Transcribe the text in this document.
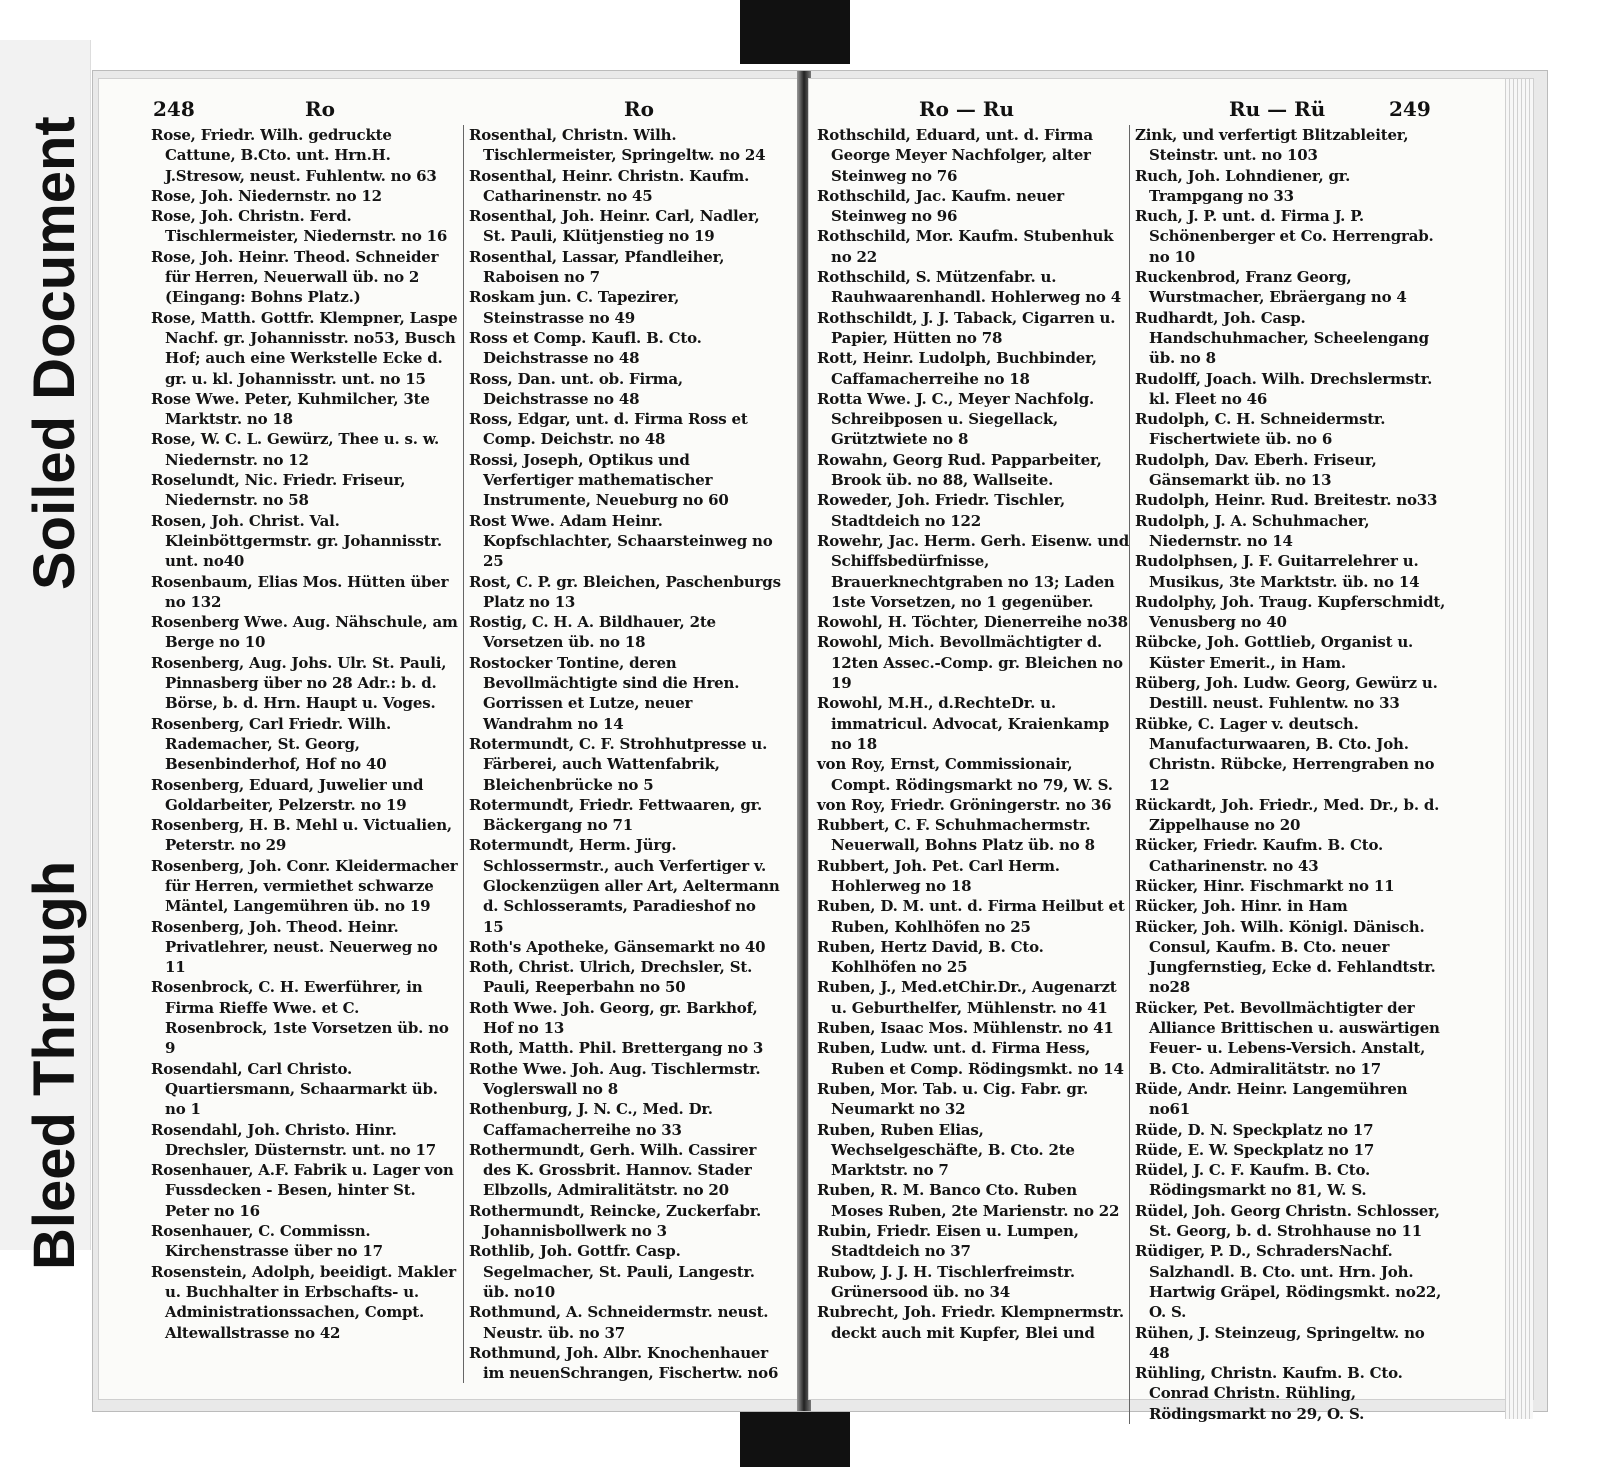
Bleed Through
Soiled Document
248	Ro	Ro

Rose, Friedr. Wilh. gedruckte Cattune, B.Cto. unt. Hrn.H. J.Stresow, neust. Fuhlentw. no 63

Rose, Joh. Niedernstr. no 12

Rose, Joh. Christn. Ferd. Tischlermeister, Niedernstr. no 16

Rose, Joh. Heinr. Theod. Schneider für Herren, Neuerwall üb. no 2 (Eingang: Bohns Platz.)

Rose, Matth. Gottfr. Klempner, Laspe Nachf. gr. Johannisstr. no53, Busch Hof; auch eine Werkstelle Ecke d. gr. u. kl. Johannisstr. unt. no 15

Rose Wwe. Peter, Kuhmilcher, 3te Marktstr. no 18

Rose, W. C. L. Gewürz, Thee u. s. w. Niedernstr. no 12

Roselundt, Nic. Friedr. Friseur, Niedernstr. no 58

Rosen, Joh. Christ. Val. Kleinböttgermstr. gr. Johannisstr. unt. no40

Rosenbaum, Elias Mos. Hütten über no 132

Rosenberg Wwe. Aug. Nähschule, am Berge no 10

Rosenberg, Aug. Johs. Ulr. St. Pauli, Pinnasberg über no 28 Adr.: b. d. Börse, b. d. Hrn. Haupt u. Voges.

Rosenberg, Carl Friedr. Wilh. Rademacher, St. Georg, Besenbinderhof, Hof no 40

Rosenberg, Eduard, Juwelier und Goldarbeiter, Pelzerstr. no 19

Rosenberg, H. B. Mehl u. Victualien, Peterstr. no 29

Rosenberg, Joh. Conr. Kleidermacher für Herren, vermiethet schwarze Mäntel, Langemühren üb. no 19

Rosenberg, Joh. Theod. Heinr. Privatlehrer, neust. Neuerweg no 11

Rosenbrock, C. H. Ewerführer, in Firma Rieffe Wwe. et C. Rosenbrock, 1ste Vorsetzen üb. no 9

Rosendahl, Carl Christo. Quartiersmann, Schaarmarkt üb. no 1

Rosendahl, Joh. Christo. Hinr. Drechsler, Düsternstr. unt. no 17

Rosenhauer, A.F. Fabrik u. Lager von Fussdecken - Besen, hinter St. Peter no 16

Rosenhauer, C. Commissn. Kirchenstrasse über no 17

Rosenstein, Adolph, beeidigt. Makler u. Buchhalter in Erbschafts- u. Administrationssachen, Compt. Altewallstrasse no 42

Rosenthal, Christn. Wilh. Tischlermeister, Springeltw. no 24

Rosenthal, Heinr. Christn. Kaufm. Catharinenstr. no 45

Rosenthal, Joh. Heinr. Carl, Nadler, St. Pauli, Klütjenstieg no 19

Rosenthal, Lassar, Pfandleiher, Raboisen no 7

Roskam jun. C. Tapezirer, Steinstrasse no 49

Ross et Comp. Kaufl. B. Cto. Deichstrasse no 48

Ross, Dan. unt. ob. Firma, Deichstrasse no 48

Ross, Edgar, unt. d. Firma Ross et Comp. Deichstr. no 48

Rossi, Joseph, Optikus und Verfertiger mathematischer Instrumente, Neueburg no 60

Rost Wwe. Adam Heinr. Kopfschlachter, Schaarsteinweg no 25

Rost, C. P. gr. Bleichen, Paschenburgs Platz no 13

Rostig, C. H. A. Bildhauer, 2te Vorsetzen üb. no 18

Rostocker Tontine, deren Bevollmächtigte sind die Hren. Gorrissen et Lutze, neuer Wandrahm no 14

Rotermundt, C. F. Strohhutpresse u. Färberei, auch Wattenfabrik, Bleichenbrücke no 5

Rotermundt, Friedr. Fettwaaren, gr. Bäckergang no 71

Rotermundt, Herm. Jürg. Schlossermstr., auch Verfertiger v. Glockenzügen aller Art, Aeltermann d. Schlosseramts, Paradieshof no 15

Roth's Apotheke, Gänsemarkt no 40

Roth, Christ. Ulrich, Drechsler, St. Pauli, Reeperbahn no 50

Roth Wwe. Joh. Georg, gr. Barkhof, Hof no 13

Roth, Matth. Phil. Brettergang no 3

Rothe Wwe. Joh. Aug. Tischlermstr. Voglerswall no 8

Rothenburg, J. N. C., Med. Dr. Caffamacherreihe no 33

Rothermundt, Gerh. Wilh. Cassirer des K. Grossbrit. Hannov. Stader Elbzolls, Admiralitätstr. no 20

Rothermundt, Reincke, Zuckerfabr. Johannisbollwerk no 3

Rothlib, Joh. Gottfr. Casp. Segelmacher, St. Pauli, Langestr. üb. no10

Rothmund, A. Schneidermstr. neust. Neustr. üb. no 37

Rothmund, Joh. Albr. Knochenhauer im neuenSchrangen, Fischertw. no6

Ro — Ru	Ru — Rü	249

Rothschild, Eduard, unt. d. Firma George Meyer Nachfolger, alter Steinweg no 76

Rothschild, Jac. Kaufm. neuer Steinweg no 96

Rothschild, Mor. Kaufm. Stubenhuk no 22

Rothschild, S. Mützenfabr. u. Rauhwaarenhandl. Hohlerweg no 4

Rothschildt, J. J. Taback, Cigarren u. Papier, Hütten no 78

Rott, Heinr. Ludolph, Buchbinder, Caffamacherreihe no 18

Rotta Wwe. J. C., Meyer Nachfolg. Schreibposen u. Siegellack, Grütztwiete no 8

Rowahn, Georg Rud. Papparbeiter, Brook üb. no 88, Wallseite.

Roweder, Joh. Friedr. Tischler, Stadtdeich no 122

Rowehr, Jac. Herm. Gerh. Eisenw. und Schiffsbedürfnisse, Brauerknechtgraben no 13; Laden 1ste Vorsetzen, no 1 gegenüber.

Rowohl, H. Töchter, Dienerreihe no38

Rowohl, Mich. Bevollmächtigter d. 12ten Assec.-Comp. gr. Bleichen no 19

Rowohl, M.H., d.RechteDr. u. immatricul. Advocat, Kraienkamp no 18

von Roy, Ernst, Commissionair, Compt. Rödingsmarkt no 79, W. S.

von Roy, Friedr. Gröningerstr. no 36

Rubbert, C. F. Schuhmachermstr. Neuerwall, Bohns Platz üb. no 8

Rubbert, Joh. Pet. Carl Herm. Hohlerweg no 18

Ruben, D. M. unt. d. Firma Heilbut et Ruben, Kohlhöfen no 25

Ruben, Hertz David, B. Cto. Kohlhöfen no 25

Ruben, J., Med.etChir.Dr., Augenarzt u. Geburthelfer, Mühlenstr. no 41

Ruben, Isaac Mos. Mühlenstr. no 41

Ruben, Ludw. unt. d. Firma Hess, Ruben et Comp. Rödingsmkt. no 14

Ruben, Mor. Tab. u. Cig. Fabr. gr. Neumarkt no 32

Ruben, Ruben Elias, Wechselgeschäfte, B. Cto. 2te Marktstr. no 7

Ruben, R. M. Banco Cto. Ruben Moses Ruben, 2te Marienstr. no 22

Rubin, Friedr. Eisen u. Lumpen, Stadtdeich no 37

Rubow, J. J. H. Tischlerfreimstr. Grünersood üb. no 34

Rubrecht, Joh. Friedr. Klempnermstr. deckt auch mit Kupfer, Blei und

Zink, und verfertigt Blitzableiter, Steinstr. unt. no 103

Ruch, Joh. Lohndiener, gr. Trampgang no 33

Ruch, J. P. unt. d. Firma J. P. Schönenberger et Co. Herrengrab. no 10

Ruckenbrod, Franz Georg, Wurstmacher, Ebräergang no 4

Rudhardt, Joh. Casp. Handschuhmacher, Scheelengang üb. no 8

Rudolff, Joach. Wilh. Drechslermstr. kl. Fleet no 46

Rudolph, C. H. Schneidermstr. Fischertwiete üb. no 6

Rudolph, Dav. Eberh. Friseur, Gänsemarkt üb. no 13

Rudolph, Heinr. Rud. Breitestr. no33

Rudolph, J. A. Schuhmacher, Niedernstr. no 14

Rudolphsen, J. F. Guitarrelehrer u. Musikus, 3te Marktstr. üb. no 14

Rudolphy, Joh. Traug. Kupferschmidt, Venusberg no 40

Rübcke, Joh. Gottlieb, Organist u. Küster Emerit., in Ham.

Rüberg, Joh. Ludw. Georg, Gewürz u. Destill. neust. Fuhlentw. no 33

Rübke, C. Lager v. deutsch. Manufacturwaaren, B. Cto. Joh. Christn. Rübcke, Herrengraben no 12

Rückardt, Joh. Friedr., Med. Dr., b. d. Zippelhause no 20

Rücker, Friedr. Kaufm. B. Cto. Catharinenstr. no 43

Rücker, Hinr. Fischmarkt no 11

Rücker, Joh. Hinr. in Ham

Rücker, Joh. Wilh. Königl. Dänisch. Consul, Kaufm. B. Cto. neuer Jungfernstieg, Ecke d. Fehlandtstr. no28

Rücker, Pet. Bevollmächtigter der Alliance Brittischen u. auswärtigen Feuer- u. Lebens-Versich. Anstalt, B. Cto. Admiralitätstr. no 17

Rüde, Andr. Heinr. Langemühren no61

Rüde, D. N. Speckplatz no 17

Rüde, E. W. Speckplatz no 17

Rüdel, J. C. F. Kaufm. B. Cto. Rödingsmarkt no 81, W. S.

Rüdel, Joh. Georg Christn. Schlosser, St. Georg, b. d. Strohhause no 11

Rüdiger, P. D., SchradersNachf. Salzhandl. B. Cto. unt. Hrn. Joh. Hartwig Gräpel, Rödingsmkt. no22, O. S.

Rühen, J. Steinzeug, Springeltw. no 48

Rühling, Christn. Kaufm. B. Cto. Conrad Christn. Rühling, Rödingsmarkt no 29, O. S.
